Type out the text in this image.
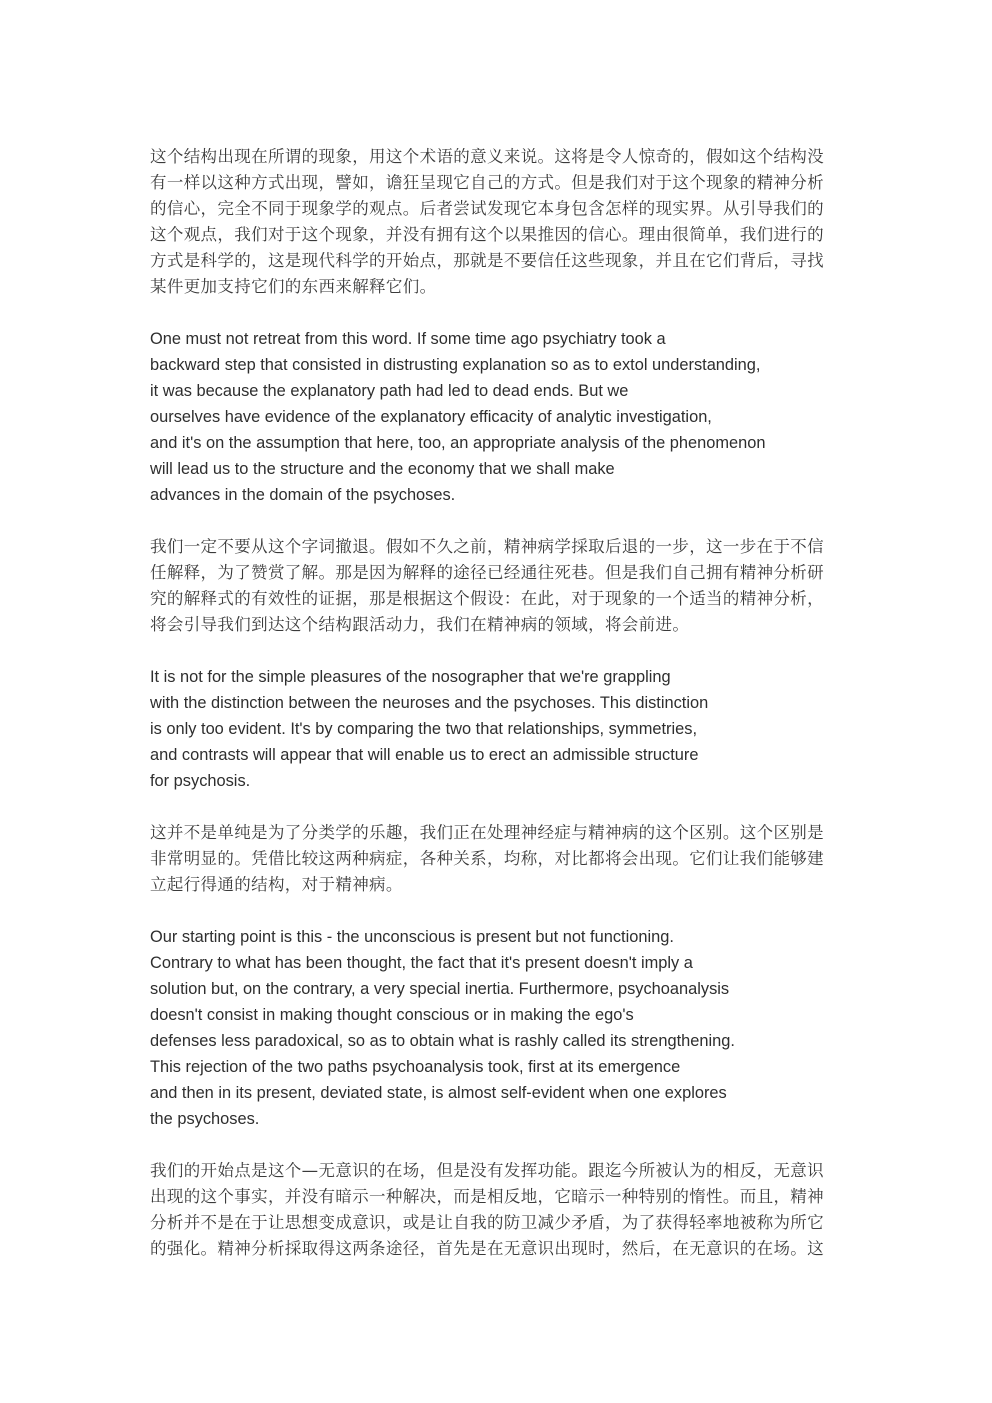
这个结构出现在所谓的现象，用这个术语的意义来说。这将是令人惊奇的，假如这个结构没
有一样以这种方式出现，譬如，谵狂呈现它自己的方式。但是我们对于这个现象的精神分析
的信心，完全不同于现象学的观点。后者尝试发现它本身包含怎样的现实界。从引导我们的
这个观点，我们对于这个现象，并没有拥有这个以果推因的信心。理由很简单，我们进行的
方式是科学的，这是现代科学的开始点，那就是不要信任这些现象，并且在它们背后，寻找
某件更加支持它们的东西来解释它们。
One must not retreat from this word. If some time ago psychiatry took a
backward step that consisted in distrusting explanation so as to extol understanding,
it was because the explanatory path had led to dead ends. But we
ourselves have evidence of the explanatory efficacity of analytic investigation,
and it's on the assumption that here, too, an appropriate analysis of the phenomenon
will lead us to the structure and the economy that we shall make
advances in the domain of the psychoses.
我们一定不要从这个字词撤退。假如不久之前，精神病学採取后退的一步，这一步在于不信
任解释，为了赞赏了解。那是因为解释的途径已经通往死巷。但是我们自己拥有精神分析研
究的解释式的有效性的证据，那是根据这个假设：在此，对于现象的一个适当的精神分析，
将会引导我们到达这个结构跟活动力，我们在精神病的领域，将会前进。
It is not for the simple pleasures of the nosographer that we're grappling
with the distinction between the neuroses and the psychoses. This distinction
is only too evident. It's by comparing the two that relationships, symmetries,
and contrasts will appear that will enable us to erect an admissible structure
for psychosis.
这并不是单纯是为了分类学的乐趣，我们正在处理神经症与精神病的这个区别。这个区别是
非常明显的。凭借比较这两种病症，各种关系，均称，对比都将会出现。它们让我们能够建
立起行得通的结构，对于精神病。
Our starting point is this - the unconscious is present but not functioning.
Contrary to what has been thought, the fact that it's present doesn't imply a
solution but, on the contrary, a very special inertia. Furthermore, psychoanalysis
doesn't consist in making thought conscious or in making the ego's
defenses less paradoxical, so as to obtain what is rashly called its strengthening.
This rejection of the two paths psychoanalysis took, first at its emergence
and then in its present, deviated state, is almost self-evident when one explores
the psychoses.
我们的开始点是这个—无意识的在场，但是没有发挥功能。跟迄今所被认为的相反，无意识
出现的这个事实，并没有暗示一种解决，而是相反地，它暗示一种特别的惰性。而且，精神
分析并不是在于让思想变成意识，或是让自我的防卫减少矛盾，为了获得轻率地被称为所它
的强化。精神分析採取得这两条途径，首先是在无意识出现时，然后，在无意识的在场。这
